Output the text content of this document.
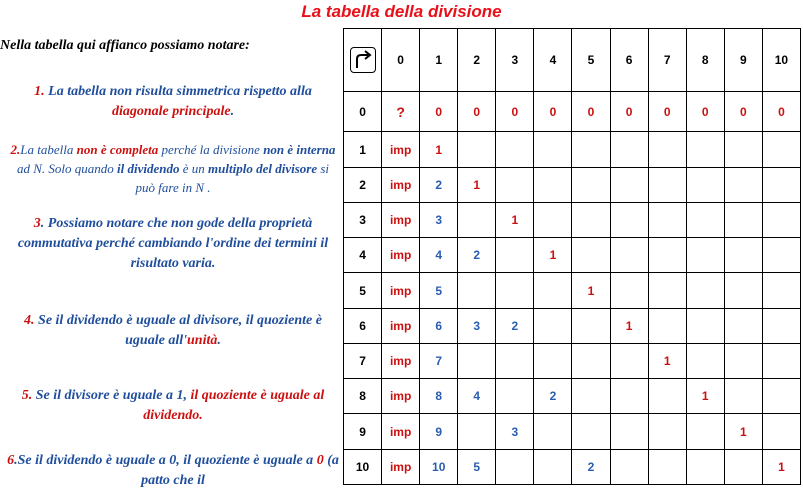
La tabella della divisione
Nella tabella qui affianco possiamo notare:
1. La tabella non risulta simmetrica rispetto alla diagonale principale.
2.La tabella non è completa perché la divisione non è interna ad N. Solo quando il dividendo è un multiplo del divisore si può fare in N .
3. Possiamo notare che non gode della proprietà commutativa perché cambiando l'ordine dei termini il risultato varia.
4. Se il dividendo è uguale al divisore, il quoziente è uguale all'unità.
5. Se il divisore è uguale a 1, il quoziente è uguale al dividendo.
6.Se il dividendo è uguale a 0, il quoziente è uguale a 0 (a patto che il
	0	1	2	3	4	5	6	7	8	9	10
0	?	0	0	0	0	0	0	0	0	0	0
1	imp	1									
2	imp	2	1								
3	imp	3		1							
4	imp	4	2		1						
5	imp	5				1					
6	imp	6	3	2			1				
7	imp	7						1			
8	imp	8	4		2				1		
9	imp	9		3						1	
10	imp	10	5			2					1
